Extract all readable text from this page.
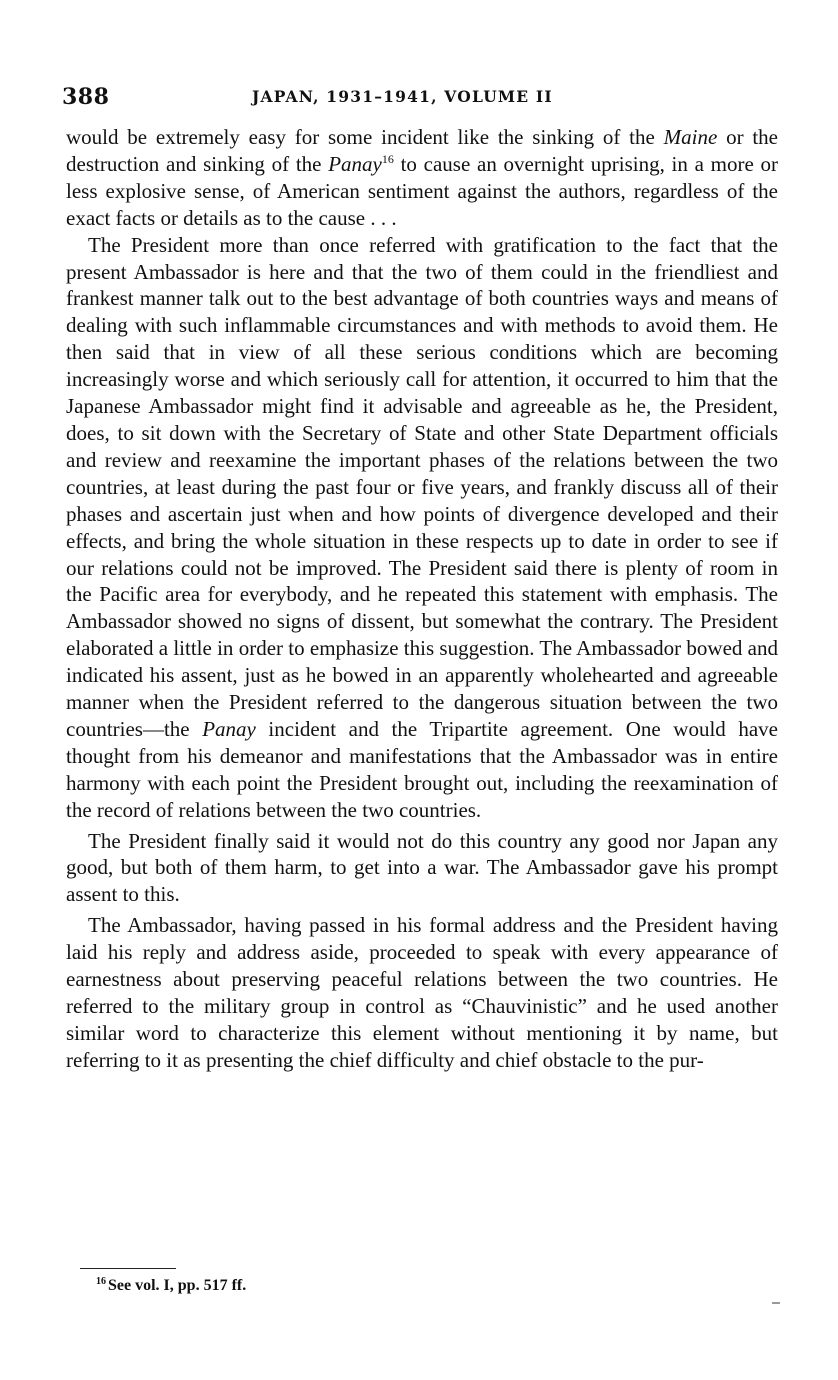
388	JAPAN, 1931–1941, VOLUME II

would be extremely easy for some incident like the sinking of the Maine or the destruction and sinking of the Panay$^{16}$ to cause an overnight uprising, in a more or less explosive sense, of American sentiment against the authors, regardless of the exact facts or details as to the cause . . .

The President more than once referred with gratification to the fact that the present Ambassador is here and that the two of them could in the friendliest and frankest manner talk out to the best advantage of both countries ways and means of dealing with such inflammable circumstances and with methods to avoid them. He then said that in view of all these serious conditions which are becoming increasingly worse and which seriously call for attention, it occurred to him that the Japanese Ambassador might find it advisable and agreeable as he, the President, does, to sit down with the Secretary of State and other State Department officials and review and reexamine the important phases of the relations between the two countries, at least during the past four or five years, and frankly discuss all of their phases and ascertain just when and how points of divergence developed and their effects, and bring the whole situation in these respects up to date in order to see if our relations could not be improved. The President said there is plenty of room in the Pacific area for everybody, and he repeated this statement with emphasis. The Ambassador showed no signs of dissent, but somewhat the contrary. The President elaborated a little in order to emphasize this suggestion. The Ambassador bowed and indicated his assent, just as he bowed in an apparently wholehearted and agreeable manner when the President referred to the dangerous situation between the two countries—the Panay incident and the Tripartite agreement. One would have thought from his demeanor and manifestations that the Ambassador was in entire harmony with each point the President brought out, including the reexamination of the record of relations between the two countries.

The President finally said it would not do this country any good nor Japan any good, but both of them harm, to get into a war. The Ambassador gave his prompt assent to this.

The Ambassador, having passed in his formal address and the President having laid his reply and address aside, proceeded to speak with every appearance of earnestness about preserving peaceful relations between the two countries. He referred to the military group in control as “Chauvinistic” and he used another similar word to characterize this element without mentioning it by name, but referring to it as presenting the chief difficulty and chief obstacle to the pur-

$^{16}$ See vol. I, pp. 517 ff.
